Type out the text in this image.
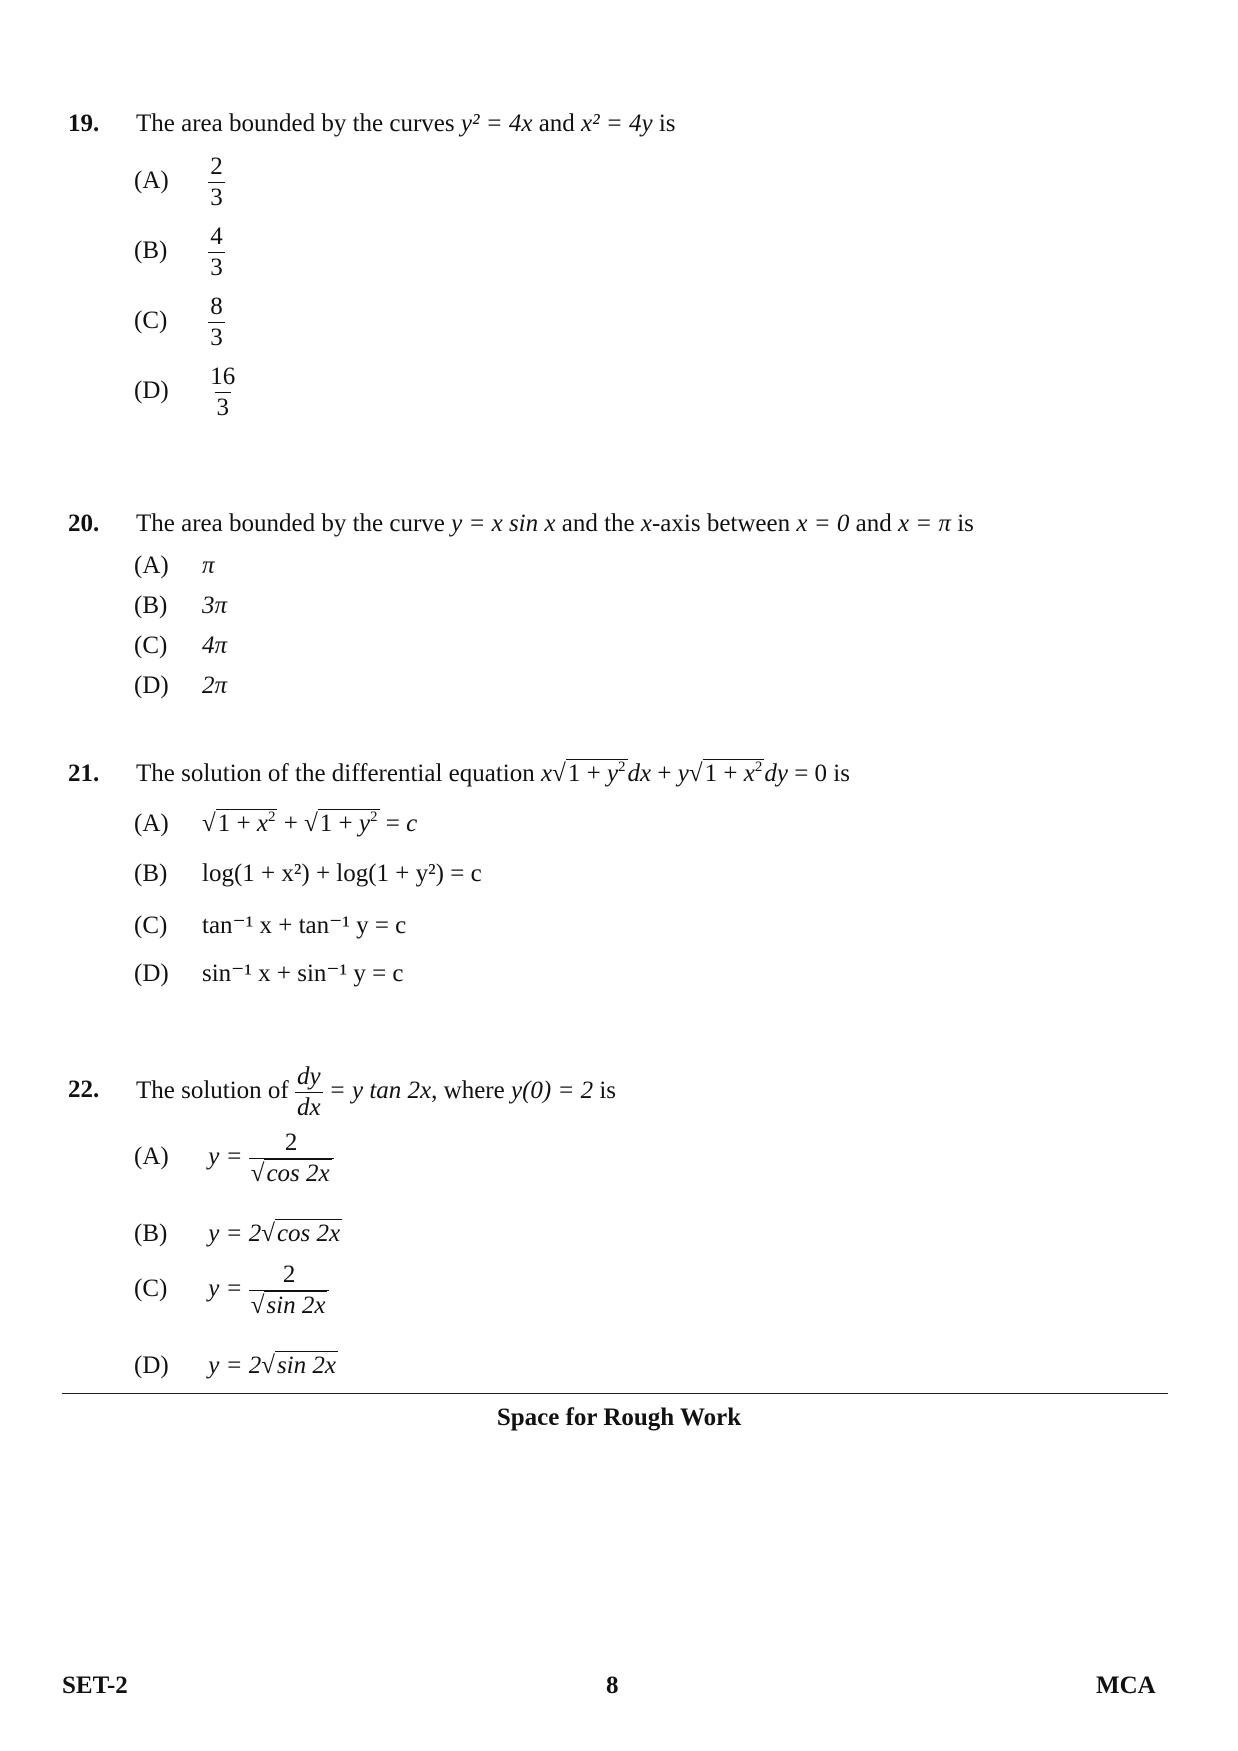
19. The area bounded by the curves y² = 4x and x² = 4y is
$(A) \frac{2}{3}$
$(B) \frac{4}{3}$
$(C) \frac{8}{3}$
$(D) \frac{16}{3}$
20. The area bounded by the curve y = x sin x and the x-axis between x = 0 and x = π is
(A) π
(B) 3π
(C) 4π
(D) 2π
21. The solution of the differential equation $x√1 + y^2dx + y√1 + x^2dy = 0$ is
(A) $√1 + x^2 + √1 + y^2 = c$
(B) log(1 + x²) + log(1 + y²) = c
(C) tan⁻¹ x + tan⁻¹ y = c
(D) sin⁻¹ x + sin⁻¹ y = c
22. The solution of $\frac{dy}{dx} = y$ tan 2x, where y(0) = 2 is
(A) $y = \frac{2}{√\cos 2x}$
(B) y = 2√cos 2x
(C) $y = \frac{2}{√\sin 2x}$
(D) y = 2√sin 2x
Space for Rough Work
SET-2	8	MCA
